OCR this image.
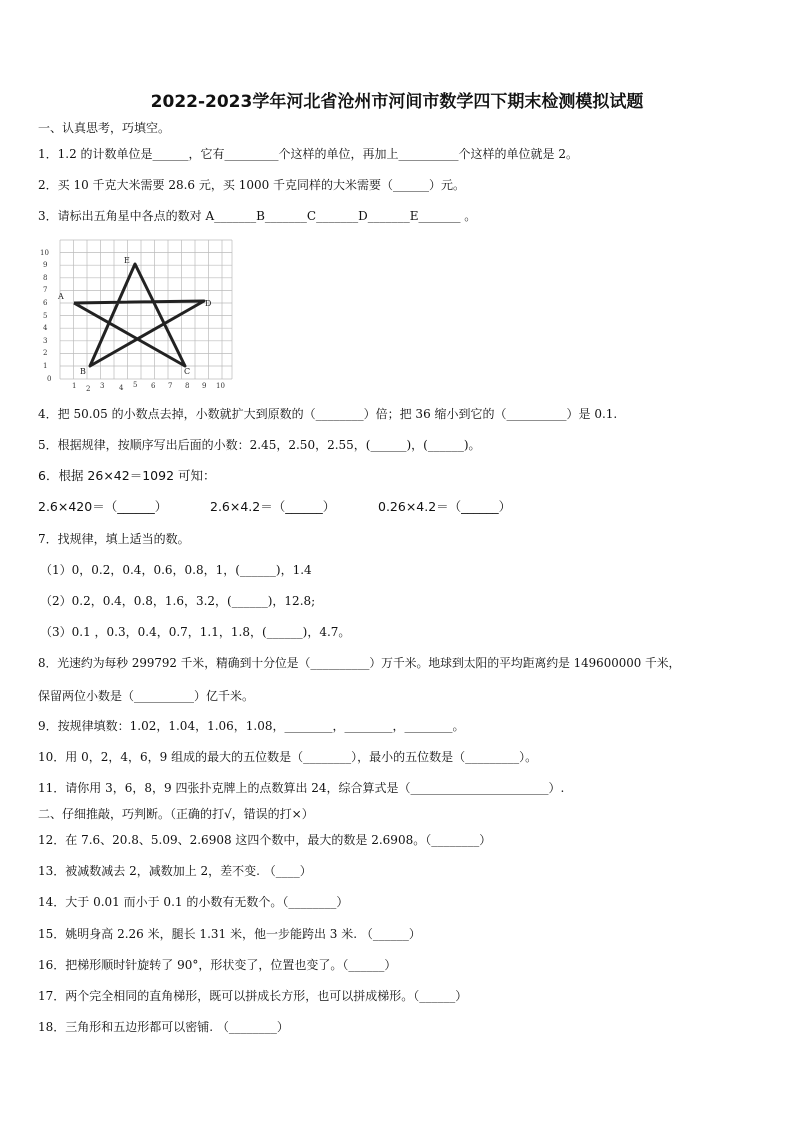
2022-2023学年河北省沧州市河间市数学四下期末检测模拟试题
一、认真思考，巧填空。
1．1.2 的计数单位是______，它有_________个这样的单位，再加上__________个这样的单位就是 2。
2．买 10 千克大米需要 28.6 元，买 1000 千克同样的大米需要（______）元。
3．请标出五角星中各点的数对 A_______B_______C_______D_______E_______ 。
10
9
8
7
6
5
4
3
2
1
0
1 2 3 4 5 6 7 8 9 10
A
B	C
D
E
4．把 50.05 的小数点去掉，小数就扩大到原数的（________）倍；把 36 缩小到它的（__________）是 0.1.
5．根据规律，按顺序写出后面的小数：2.45，2.50，2.55，(______)，(______)。
6．根据 26×42＝1092 可知：
2.6×420＝（______）	2.6×4.2＝（______）	0.26×4.2＝（______）
7．找规律，填上适当的数。
（1）0，0.2，0.4，0.6，0.8，1，(______)，1.4
（2）0.2，0.4，0.8，1.6，3.2，(______)，12.8;
（3）0.1 ，0.3，0.4，0.7，1.1，1.8，(______)，4.7。
8．光速约为每秒 299792 千米，精确到十分位是（__________）万千米。地球到太阳的平均距离约是 149600000 千米，
保留两位小数是（__________）亿千米。
9．按规律填数：1.02，1.04，1.06，1.08，________，________，________。
10．用 0，2，4，6，9 组成的最大的五位数是（________），最小的五位数是（_________）。
11．请你用 3，6，8，9 四张扑克牌上的点数算出 24，综合算式是（_______________________）.
二、仔细推敲，巧判断。（正确的打√，错误的打×）
12．在 7.6、20.8、5.09、2.6908 这四个数中，最大的数是 2.6908。（________）
13．被减数减去 2，减数加上 2，差不变. （____）
14．大于 0.01 而小于 0.1 的小数有无数个。（________）
15．姚明身高 2.26 米，腿长 1.31 米，他一步能跨出 3 米. （______）
16．把梯形顺时针旋转了 90°，形状变了，位置也变了。（______）
17．两个完全相同的直角梯形，既可以拼成长方形，也可以拼成梯形。（______）
18．三角形和五边形都可以密铺. （________）
